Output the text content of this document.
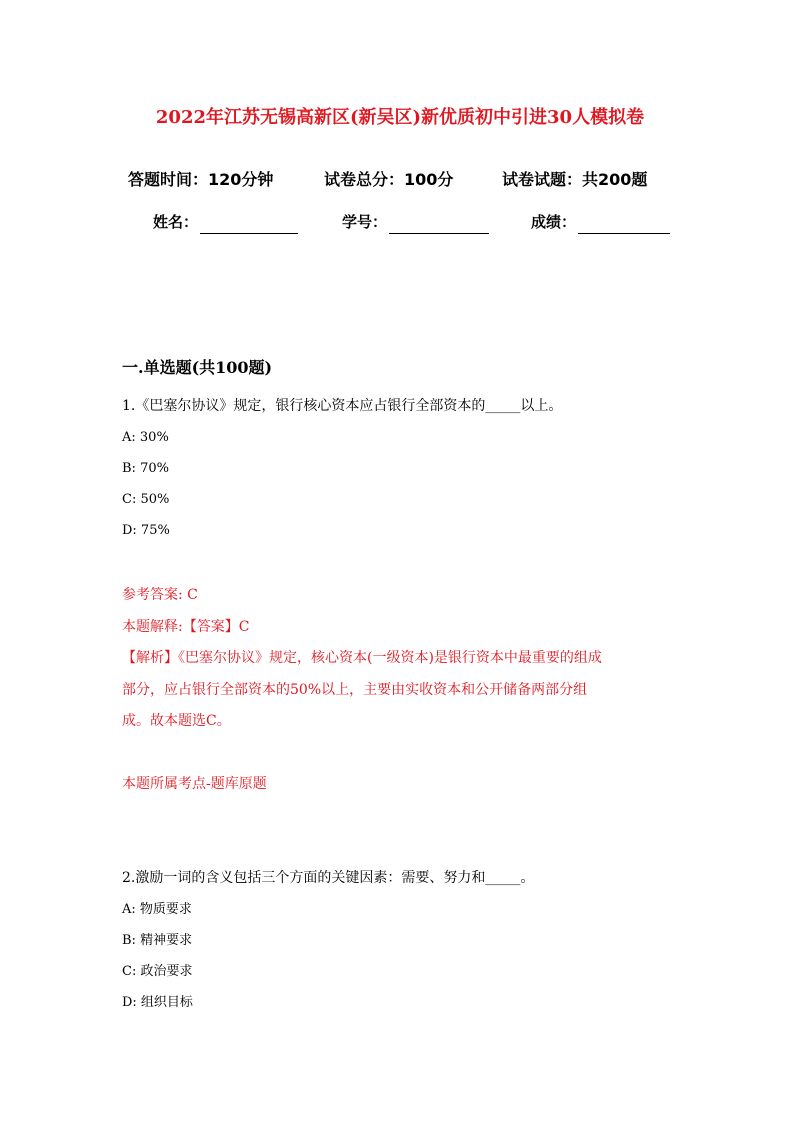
2022年江苏无锡高新区(新吴区)新优质初中引进30人模拟卷
答题时间：120分钟	试卷总分：100分	试卷试题：共200题
姓名：	学号：	成绩：
一.单选题(共100题)
1.《巴塞尔协议》规定，银行核心资本应占银行全部资本的_____以上。
A: 30%
B: 70%
C: 50%
D: 75%
参考答案: C
本题解释:【答案】C
【解析】《巴塞尔协议》规定，核心资本(一级资本)是银行资本中最重要的组成
部分，应占银行全部资本的50%以上，主要由实收资本和公开储备两部分组
成。故本题选C。
本题所属考点-题库原题
2.激励一词的含义包括三个方面的关键因素：需要、努力和_____。
A: 物质要求
B: 精神要求
C: 政治要求
D: 组织目标
